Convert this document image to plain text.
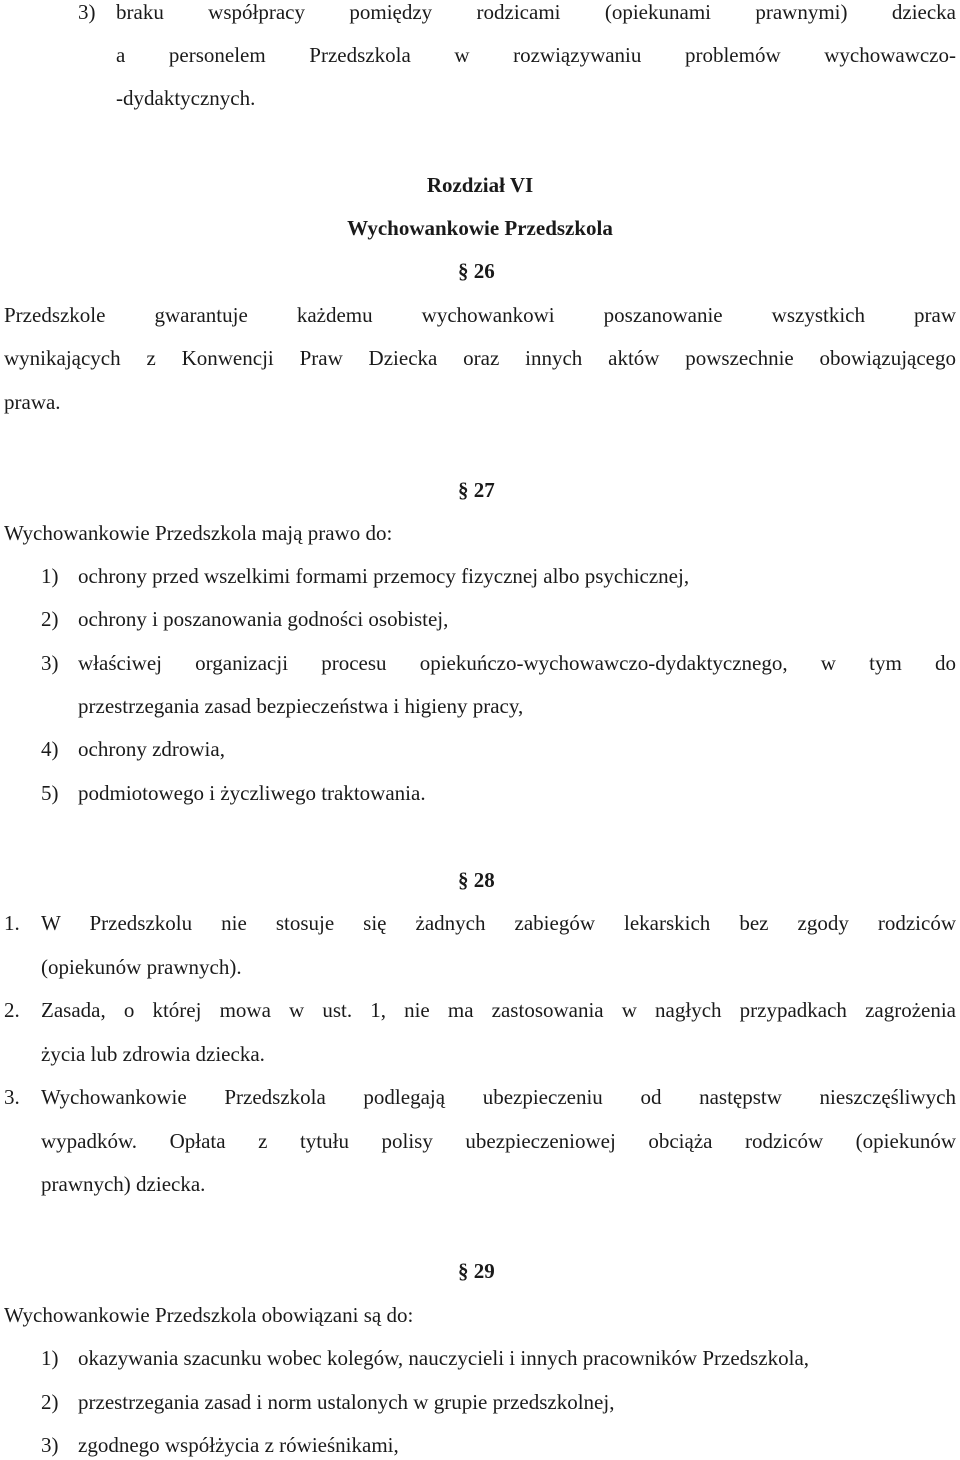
3) braku współpracy pomiędzy rodzicami (opiekunami prawnymi) dziecka
a personelem Przedszkola w rozwiązywaniu problemów wychowawczo-
-dydaktycznych.
Rozdział VI
Wychowankowie Przedszkola
§ 26
Przedszkole gwarantuje każdemu wychowankowi poszanowanie wszystkich praw
wynikających z Konwencji Praw Dziecka oraz innych aktów powszechnie obowiązującego
prawa.
§ 27
Wychowankowie Przedszkola mają prawo do:
1) ochrony przed wszelkimi formami przemocy fizycznej albo psychicznej,
2) ochrony i poszanowania godności osobistej,
3) właściwej organizacji procesu opiekuńczo-wychowawczo-dydaktycznego, w tym do
przestrzegania zasad bezpieczeństwa i higieny pracy,
4) ochrony zdrowia,
5) podmiotowego i życzliwego traktowania.
§ 28
1. W Przedszkolu nie stosuje się żadnych zabiegów lekarskich bez zgody rodziców
(opiekunów prawnych).
2. Zasada, o której mowa w ust. 1, nie ma zastosowania w nagłych przypadkach zagrożenia
życia lub zdrowia dziecka.
3. Wychowankowie Przedszkola podlegają ubezpieczeniu od następstw nieszczęśliwych
wypadków. Opłata z tytułu polisy ubezpieczeniowej obciąża rodziców (opiekunów
prawnych) dziecka.
§ 29
Wychowankowie Przedszkola obowiązani są do:
1) okazywania szacunku wobec kolegów, nauczycieli i innych pracowników Przedszkola,
2) przestrzegania zasad i norm ustalonych w grupie przedszkolnej,
3) zgodnego współżycia z rówieśnikami,
